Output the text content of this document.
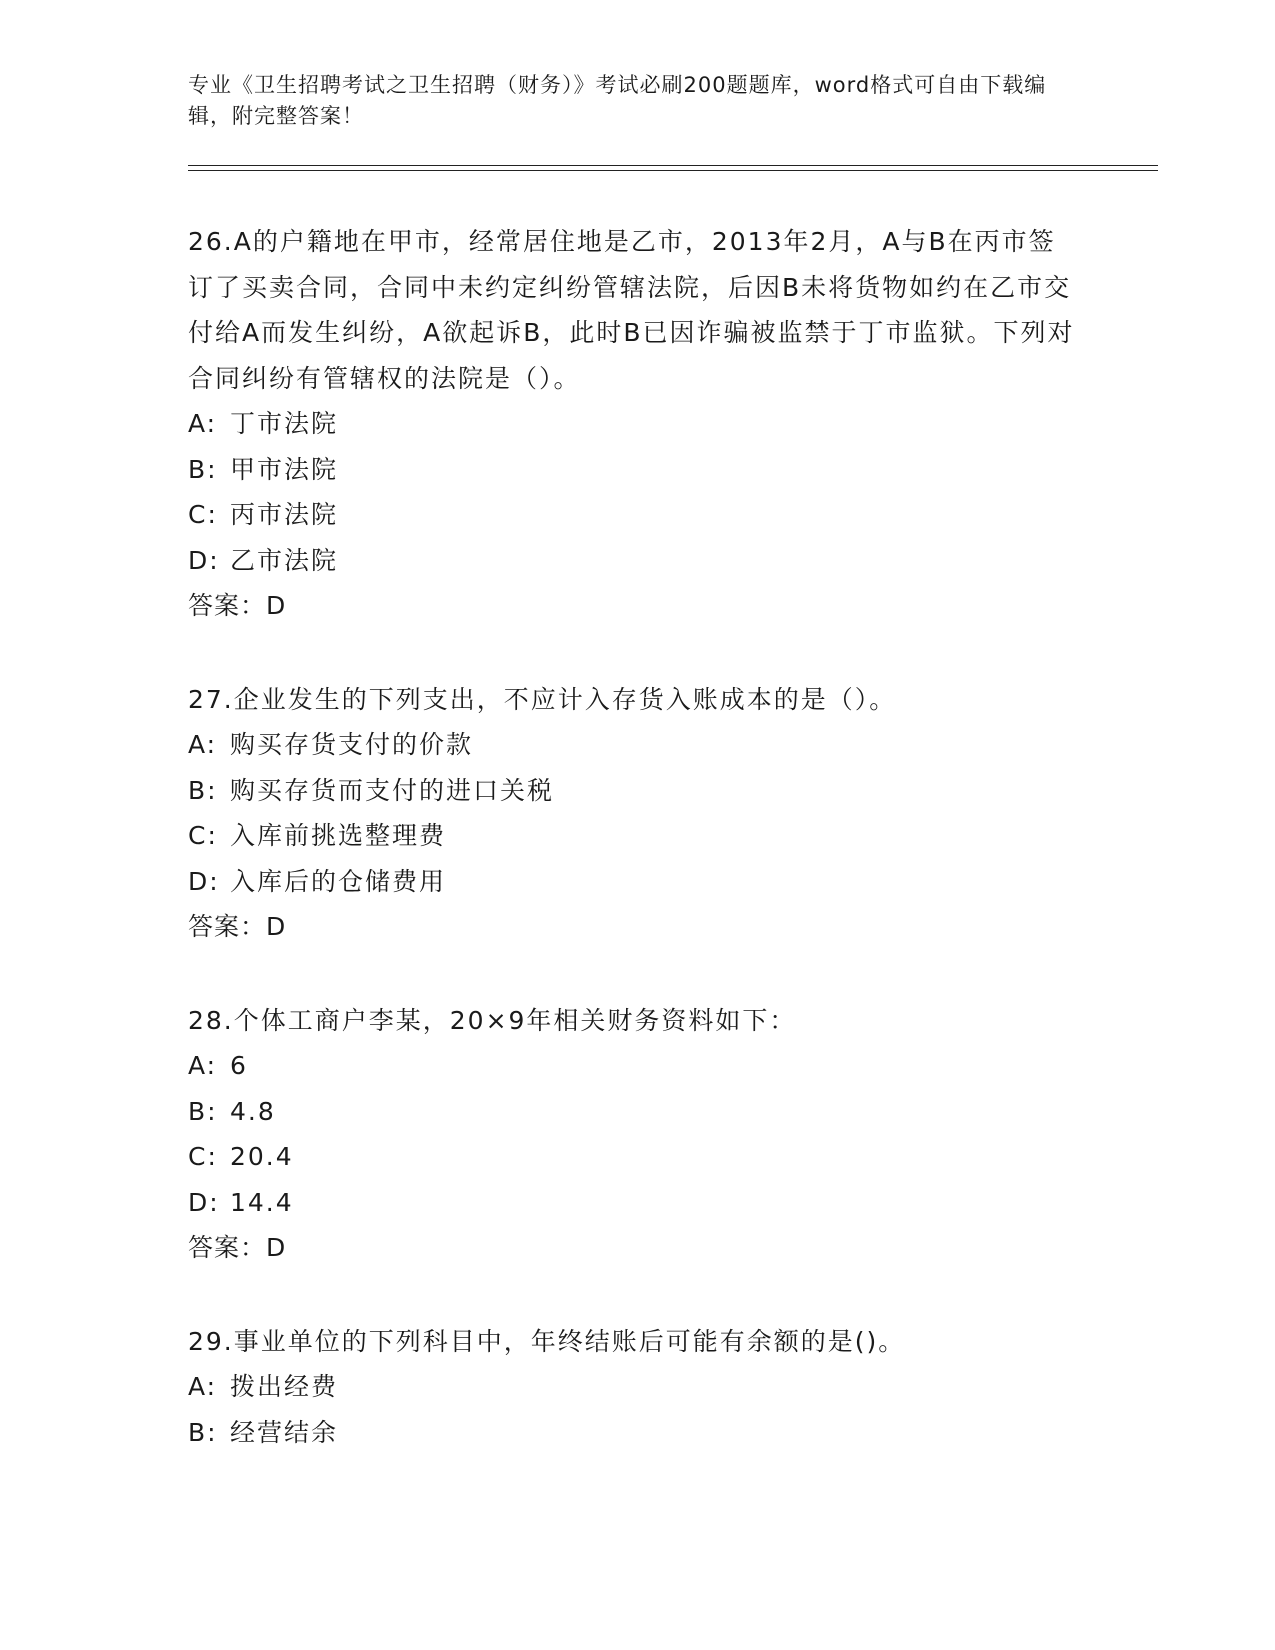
专业《卫生招聘考试之卫生招聘（财务）》考试必刷200题题库，word格式可自由下载编辑，附完整答案！

26.A的户籍地在甲市，经常居住地是乙市，2013年2月，A与B在丙市签订了买卖合同，合同中未约定纠纷管辖法院，后因B未将货物如约在乙市交付给A而发生纠纷，A欲起诉B，此时B已因诈骗被监禁于丁市监狱。下列对合同纠纷有管辖权的法院是（）。

A: 丁市法院

B: 甲市法院

C: 丙市法院

D: 乙市法院

答案：D

27.企业发生的下列支出，不应计入存货入账成本的是（）。

A: 购买存货支付的价款

B: 购买存货而支付的进口关税

C: 入库前挑选整理费

D: 入库后的仓储费用

答案：D

28.个体工商户李某，20×9年相关财务资料如下：

A: 6

B: 4.8

C: 20.4

D: 14.4

答案：D

29.事业单位的下列科目中，年终结账后可能有余额的是()。

A: 拨出经费

B: 经营结余
